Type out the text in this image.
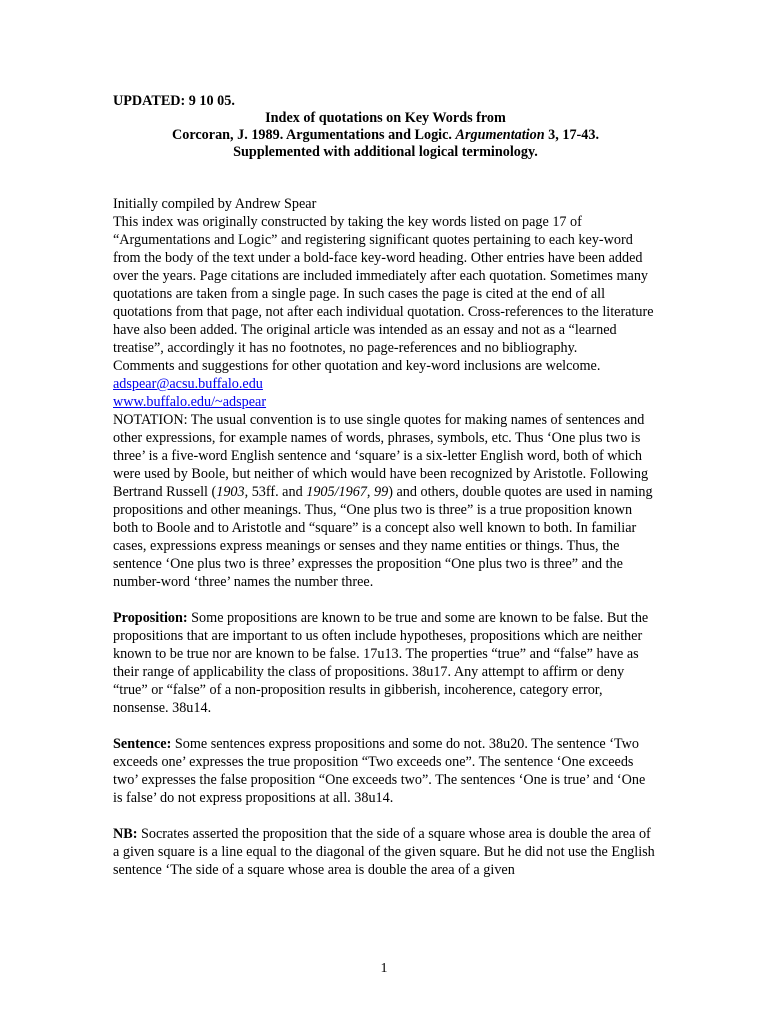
UPDATED: 9 10 05.

Index of quotations on Key Words from

Corcoran, J. 1989. Argumentations and Logic. Argumentation 3, 17-43.

Supplemented with additional logical terminology.

Initially compiled by Andrew Spear

This index was originally constructed by taking the key words listed on page 17 of “Argumentations and Logic” and registering significant quotes pertaining to each key-word from the body of the text under a bold-face key-word heading. Other entries have been added over the years. Page citations are included immediately after each quotation. Sometimes many quotations are taken from a single page. In such cases the page is cited at the end of all quotations from that page, not after each individual quotation. Cross-references to the literature have also been added. The original article was intended as an essay and not as a “learned treatise”, accordingly it has no footnotes, no page-references and no bibliography.

Comments and suggestions for other quotation and key-word inclusions are welcome.

adspear@acsu.buffalo.edu

www.buffalo.edu/~adspear

NOTATION: The usual convention is to use single quotes for making names of sentences and other expressions, for example names of words, phrases, symbols, etc. Thus ‘One plus two is three’ is a five-word English sentence and ‘square’ is a six-letter English word, both of which were used by Boole, but neither of which would have been recognized by Aristotle. Following Bertrand Russell (1903, 53ff. and 1905/1967, 99) and others, double quotes are used in naming propositions and other meanings. Thus, “One plus two is three” is a true proposition known both to Boole and to Aristotle and “square” is a concept also well known to both. In familiar cases, expressions express meanings or senses and they name entities or things. Thus, the sentence ‘One plus two is three’ expresses the proposition “One plus two is three” and the number-word ‘three’ names the number three.

Proposition: Some propositions are known to be true and some are known to be false. But the propositions that are important to us often include hypotheses, propositions which are neither known to be true nor are known to be false. 17u13. The properties “true” and “false” have as their range of applicability the class of propositions. 38u17. Any attempt to affirm or deny “true” or “false” of a non-proposition results in gibberish, incoherence, category error, nonsense. 38u14.

Sentence: Some sentences express propositions and some do not. 38u20. The sentence ‘Two exceeds one’ expresses the true proposition “Two exceeds one”. The sentence ‘One exceeds two’ expresses the false proposition “One exceeds two”. The sentences ‘One is true’ and ‘One is false’ do not express propositions at all. 38u14.

NB: Socrates asserted the proposition that the side of a square whose area is double the area of a given square is a line equal to the diagonal of the given square. But he did not use the English sentence ‘The side of a square whose area is double the area of a given

1
